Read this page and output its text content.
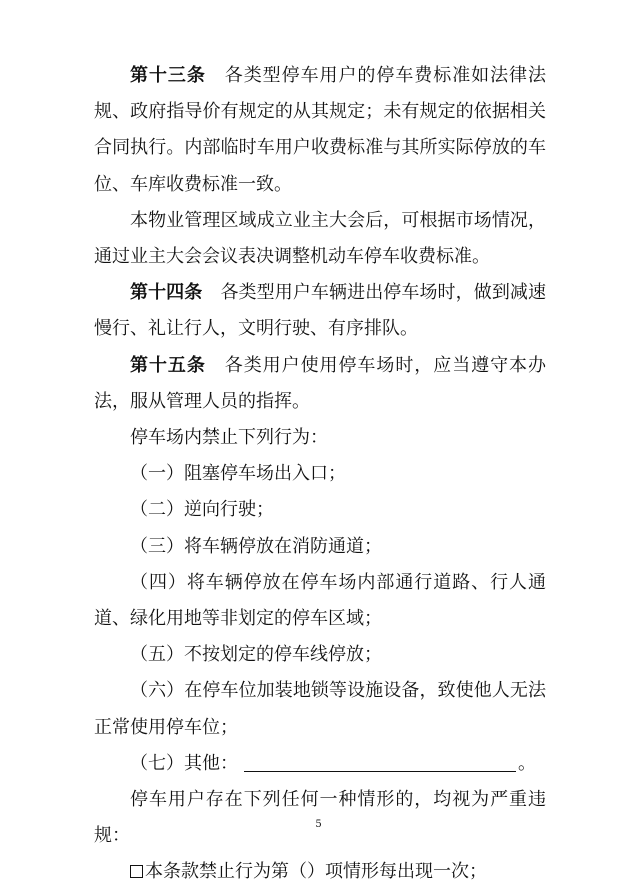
第十三条 各类型停车用户的停车费标准如法律法规、政府指导价有规定的从其规定；未有规定的依据相关合同执行。内部临时车用户收费标准与其所实际停放的车位、车库收费标准一致。

本物业管理区域成立业主大会后，可根据市场情况，通过业主大会会议表决调整机动车停车收费标准。

第十四条 各类型用户车辆进出停车场时，做到减速慢行、礼让行人，文明行驶、有序排队。

第十五条 各类用户使用停车场时，应当遵守本办法，服从管理人员的指挥。

停车场内禁止下列行为：

（一）阻塞停车场出入口；

（二）逆向行驶；

（三）将车辆停放在消防通道；

（四）将车辆停放在停车场内部通行道路、行人通道、绿化用地等非划定的停车区域；

（五）不按划定的停车线停放；

（六）在停车位加装地锁等设施设备，致使他人无法正常使用停车位；

（七）其他：	。

停车用户存在下列任何一种情形的，均视为严重违规：

本条款禁止行为第（）项情形每出现一次；

5
